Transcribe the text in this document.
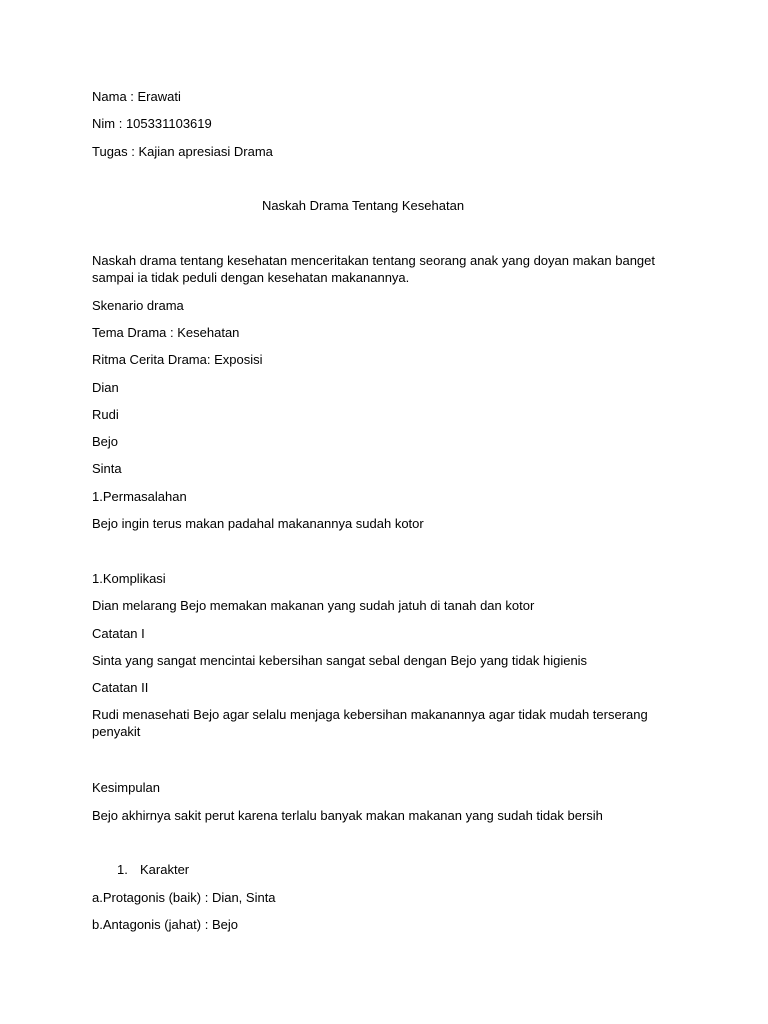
Nama : Erawati
Nim : 105331103619
Tugas : Kajian apresiasi Drama
Naskah Drama Tentang Kesehatan
Naskah drama tentang kesehatan menceritakan tentang seorang anak yang doyan makan banget sampai ia tidak peduli dengan kesehatan makanannya.
Skenario drama
Tema Drama : Kesehatan
Ritma Cerita Drama: Exposisi
Dian
Rudi
Bejo
Sinta
1.Permasalahan
Bejo ingin terus makan padahal makanannya sudah kotor
1.Komplikasi
Dian melarang Bejo memakan makanan yang sudah jatuh di tanah dan kotor
Catatan I
Sinta yang sangat mencintai kebersihan sangat sebal dengan Bejo yang tidak higienis
Catatan II
Rudi menasehati Bejo agar selalu menjaga kebersihan makanannya agar tidak mudah terserang penyakit
Kesimpulan
Bejo akhirnya sakit perut karena terlalu banyak makan makanan yang sudah tidak bersih
1. Karakter
a.Protagonis (baik) : Dian, Sinta
b.Antagonis (jahat) : Bejo
